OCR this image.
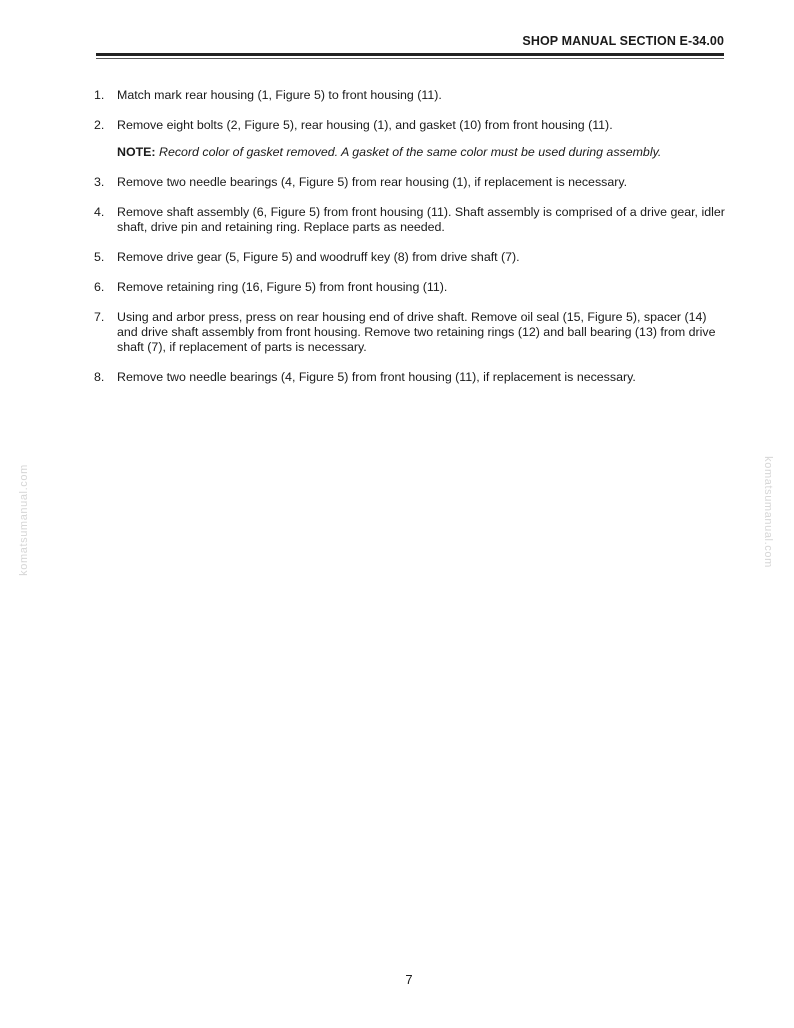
SHOP MANUAL SECTION E-34.00
1. Match mark rear housing (1, Figure 5) to front housing (11).
2. Remove eight bolts (2, Figure 5), rear housing (1), and gasket (10) from front housing (11).
NOTE: Record color of gasket removed. A gasket of the same color must be used during assembly.
3. Remove two needle bearings (4, Figure 5) from rear housing (1), if replacement is necessary.
4. Remove shaft assembly (6, Figure 5) from front housing (11). Shaft assembly is comprised of a drive gear, idler shaft, drive pin and retaining ring. Replace parts as needed.
5. Remove drive gear (5, Figure 5) and woodruff key (8) from drive shaft (7).
6. Remove retaining ring (16, Figure 5) from front housing (11).
7. Using and arbor press, press on rear housing end of drive shaft. Remove oil seal (15, Figure 5), spacer (14) and drive shaft assembly from front housing. Remove two retaining rings (12) and ball bearing (13) from drive shaft (7), if replacement of parts is necessary.
8. Remove two needle bearings (4, Figure 5) from front housing (11), if replacement is necessary.
komatsumanual.com	komatsumanual.com
7
